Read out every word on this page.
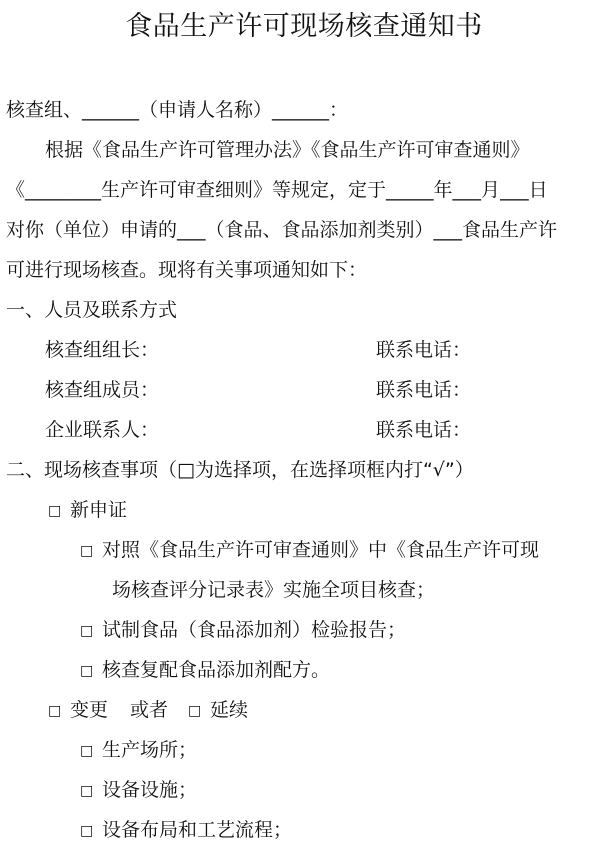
食品生产许可现场核查通知书
核查组、______（申请人名称）______：
根据《食品生产许可管理办法》《食品生产许可审查通则》
《________生产许可审查细则》等规定，定于_____年___月___日
对你（单位）申请的___（食品、食品添加剂类别）___食品生产许
可进行现场核查。现将有关事项通知如下：
一、人员及联系方式
核查组组长：	联系电话：
核查组成员：	联系电话：
企业联系人：	联系电话：
二、现场核查事项（□为选择项，在选择项框内打“√”）
□ 新申证
□ 对照《食品生产许可审查通则》中《食品生产许可现
场核查评分记录表》实施全项目核查；
□ 试制食品（食品添加剂）检验报告；
□ 核查复配食品添加剂配方。
□ 变更 或者 □ 延续
□ 生产场所；
□ 设备设施；
□ 设备布局和工艺流程；
